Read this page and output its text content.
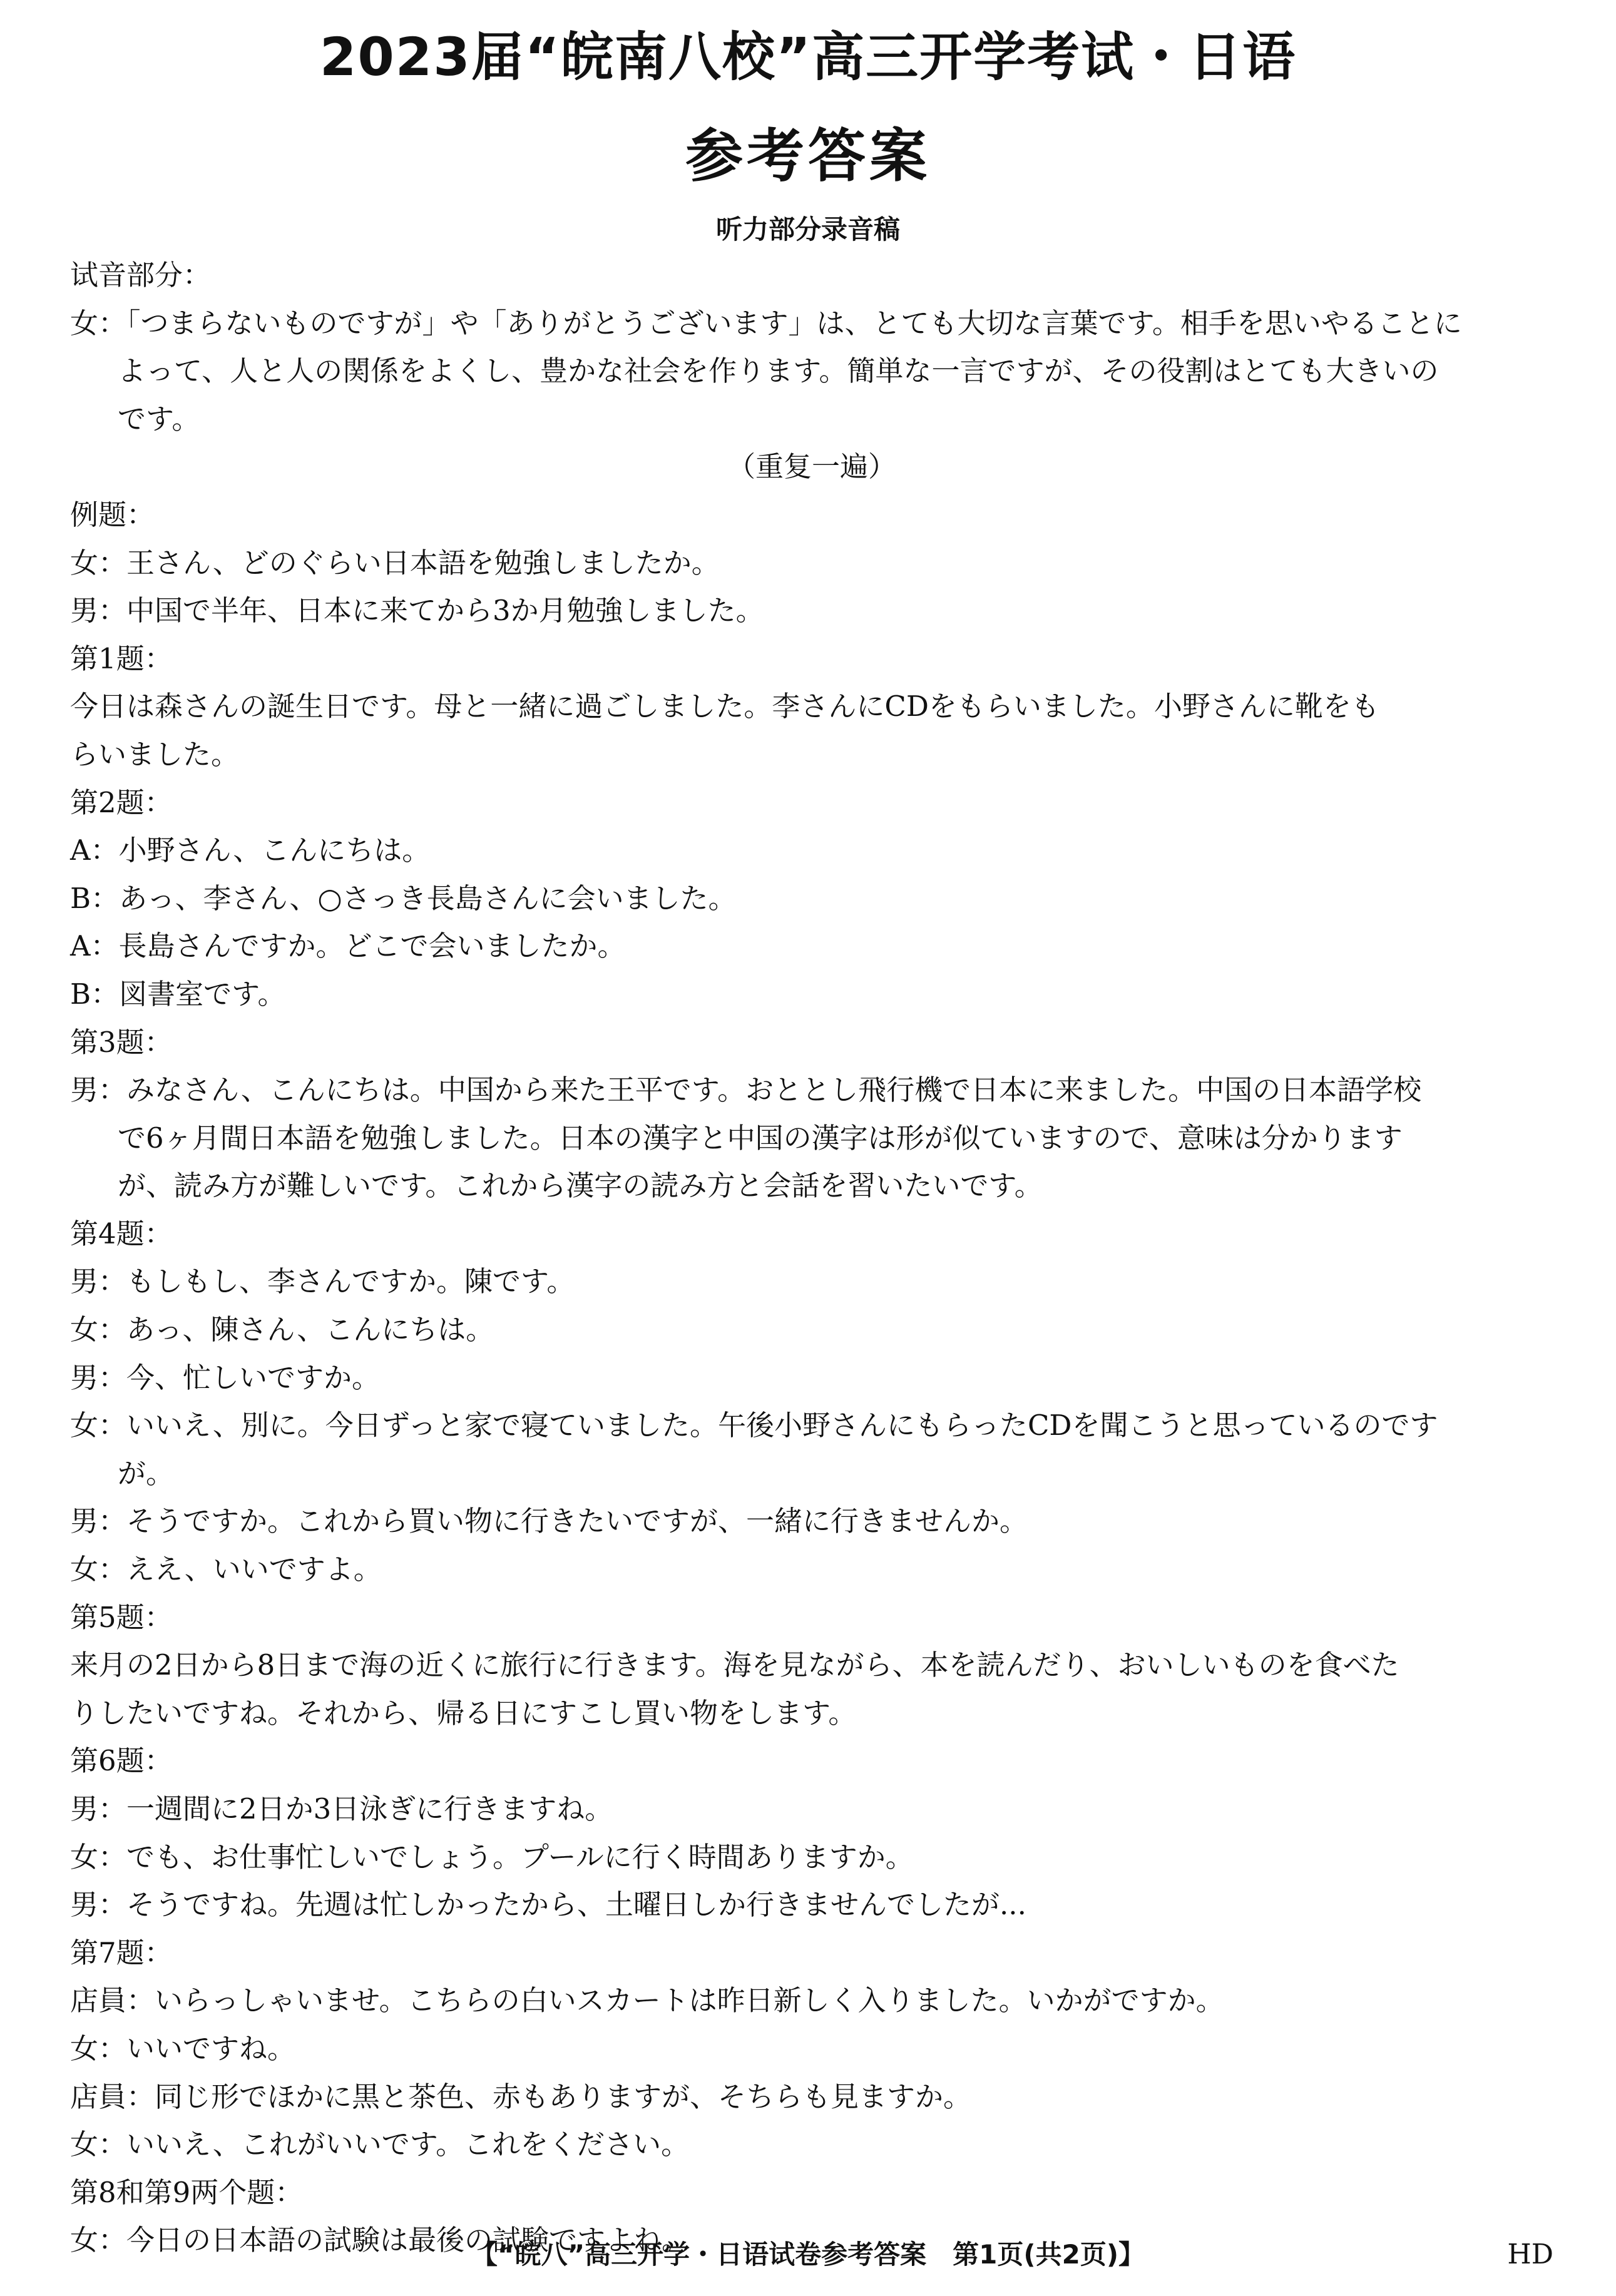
2023届“皖南八校”高三开学考试・日语
参考答案
听力部分录音稿
试音部分：
女：「つまらないものですが」や「ありがとうございます」は、とても大切な言葉です。相手を思いやることに
よって、人と人の関係をよくし、豊かな社会を作ります。簡単な一言ですが、その役割はとても大きいの
です。
（重复一遍）
例题：
女：王さん、どのぐらい日本語を勉強しましたか。
男：中国で半年、日本に来てから3か月勉強しました。
第1题：
今日は森さんの誕生日です。母と一緒に過ごしました。李さんにCDをもらいました。小野さんに靴をも
らいました。
第2题：
A：小野さん、こんにちは。
B：あっ、李さん、○さっき長島さんに会いました。
A：長島さんですか。どこで会いましたか。
B：図書室です。
第3题：
男：みなさん、こんにちは。中国から来た王平です。おととし飛行機で日本に来ました。中国の日本語学校
で6ヶ月間日本語を勉強しました。日本の漢字と中国の漢字は形が似ていますので、意味は分かります
が、読み方が難しいです。これから漢字の読み方と会話を習いたいです。
第4题：
男：もしもし、李さんですか。陳です。
女：あっ、陳さん、こんにちは。
男：今、忙しいですか。
女：いいえ、別に。今日ずっと家で寝ていました。午後小野さんにもらったCDを聞こうと思っているのです
が。
男：そうですか。これから買い物に行きたいですが、一緒に行きませんか。
女：ええ、いいですよ。
第5题：
来月の2日から8日まで海の近くに旅行に行きます。海を見ながら、本を読んだり、おいしいものを食べた
りしたいですね。それから、帰る日にすこし買い物をします。
第6题：
男：一週間に2日か3日泳ぎに行きますね。
女：でも、お仕事忙しいでしょう。プールに行く時間ありますか。
男：そうですね。先週は忙しかったから、土曜日しか行きませんでしたが...
第7题：
店員：いらっしゃいませ。こちらの白いスカートは昨日新しく入りました。いかがですか。
女：いいですね。
店員：同じ形でほかに黒と茶色、赤もありますが、そちらも見ますか。
女：いいえ、これがいいです。これをください。
第8和第9两个题：
女：今日の日本語の試験は最後の試験ですよね。
【“皖八”高三开学・日语试卷参考答案　第1页(共2页)】	HD
